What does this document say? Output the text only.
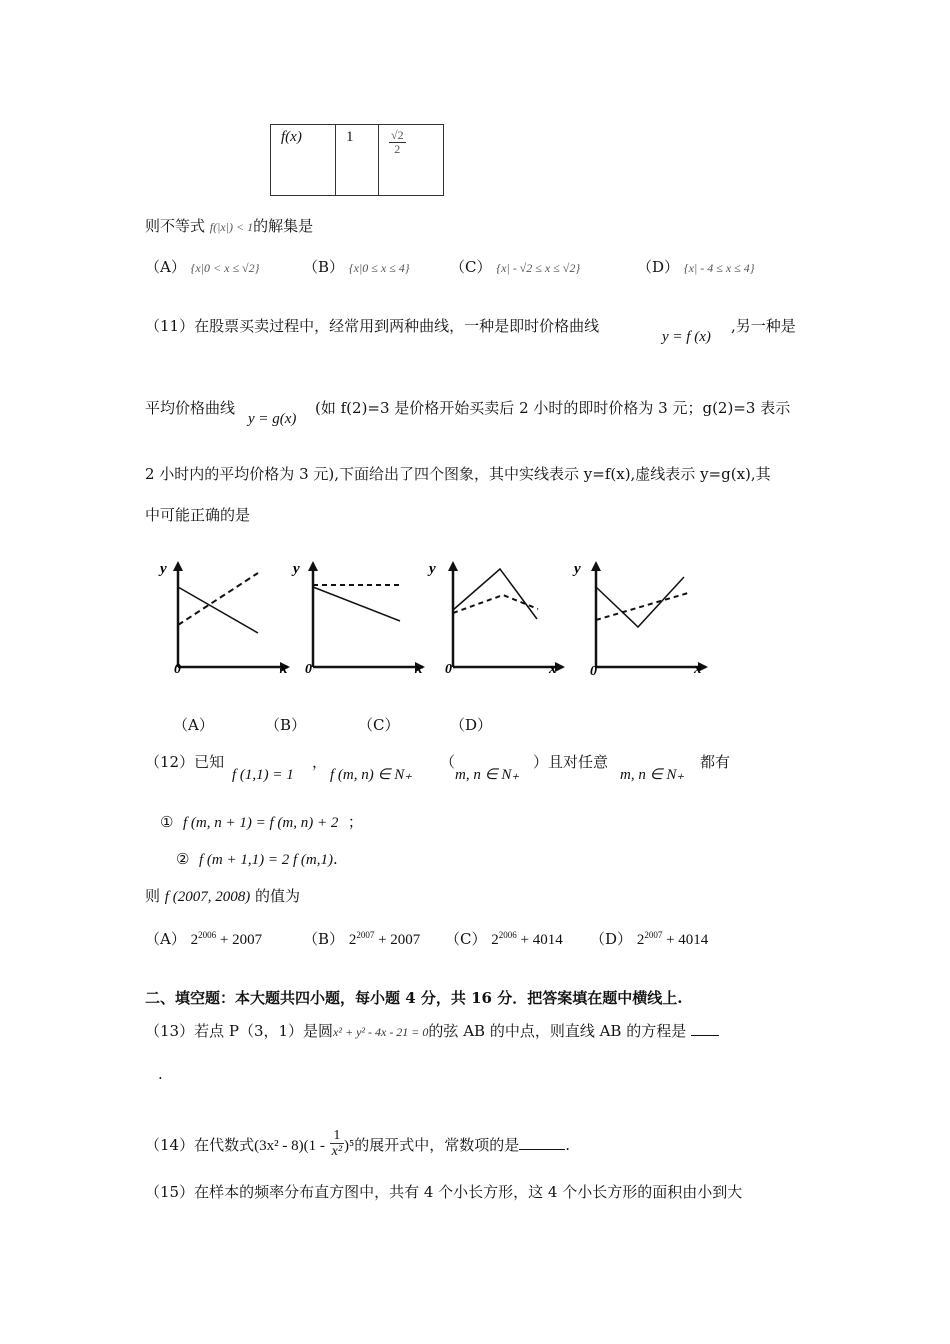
f(x)	1	$\frac{√2}{2}$
则不等式 f(|x|) < 1的解集是
（A） {x|0 < x ≤ √2}	（B） {x|0 ≤ x ≤ 4}	（C） {x| - √2 ≤ x ≤ √2}	（D） {x| - 4 ≤ x ≤ 4}
（11）在股票买卖过程中，经常用到两种曲线，一种是即时价格曲线
y = f (x)
,另一种是
平均价格曲线
y = g(x)
(如 f(2)=3 是价格开始买卖后 2 小时的即时价格为 3 元；g(2)=3 表示
2 小时内的平均价格为 3 元),下面给出了四个图象，其中实线表示 y=f(x),虚线表示 y=g(x),其
中可能正确的是
y
x
0
y
x
0
y
x
0
y
x
0
（A）	（B）	（C）	（D）
（12）已知
f (1,1) = 1
，
f (m, n) ∈ N₊
（
m, n ∈ N₊
）且对任意
m, n ∈ N₊
都有
① f (m, n + 1) = f (m, n) + 2 ；
② f (m + 1,1) = 2 f (m,1).
则 f (2007, 2008) 的值为
（A） $2^{2006} + 2007$	（B） $2^{2007} + 2007$ （C） $2^{2006} + 4014$ （D） $2^{2007} + 4014$
二、填空题：本大题共四小题，每小题 4 分，共 16 分．把答案填在题中横线上.
（13）若点 P（3，1）是圆x² + y² - 4x - 21 = 0的弦 AB 的中点，则直线 AB 的方程是
.
（14）在代数式$(3x^2 - 8)(1 - \frac{1}{\text{x²}} )^5$的展开式中，常数项的是	.
（15）在样本的频率分布直方图中，共有 4 个小长方形，这 4 个小长方形的面积由小到大
